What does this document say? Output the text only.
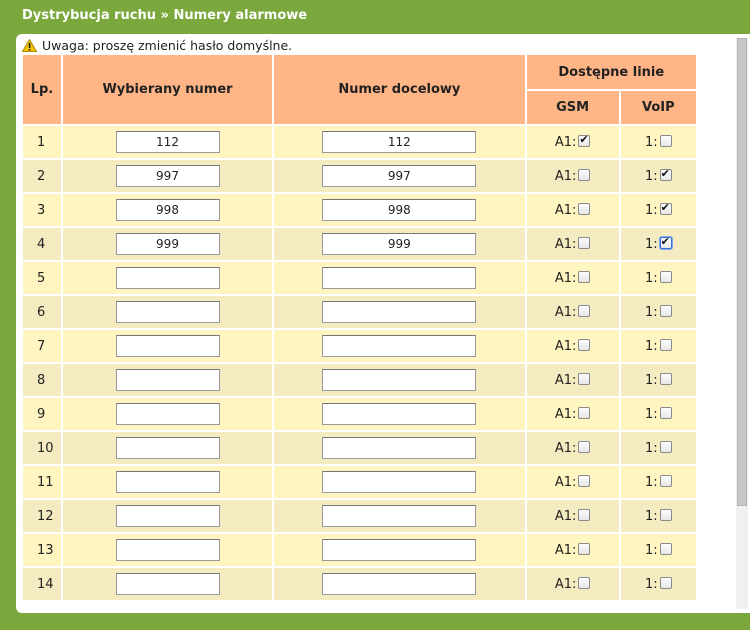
Dystrybucja ruchu » Numery alarmowe
Uwaga: proszę zmienić hasło domyślne.
Lp.	Wybierany numer	Numer docelowy	Dostępne linie	
			GSM	VoIP
1	112	112	A1:✔	1:
2	997	997	A1:	1:✔
3	998	998	A1:	1:✔
4	999	999	A1:	1:✔
5			A1:	1:
6			A1:	1:
7			A1:	1:
8			A1:	1:
9			A1:	1:
10			A1:	1:
11			A1:	1:
12			A1:	1:
13			A1:	1:
14			A1:	1:
